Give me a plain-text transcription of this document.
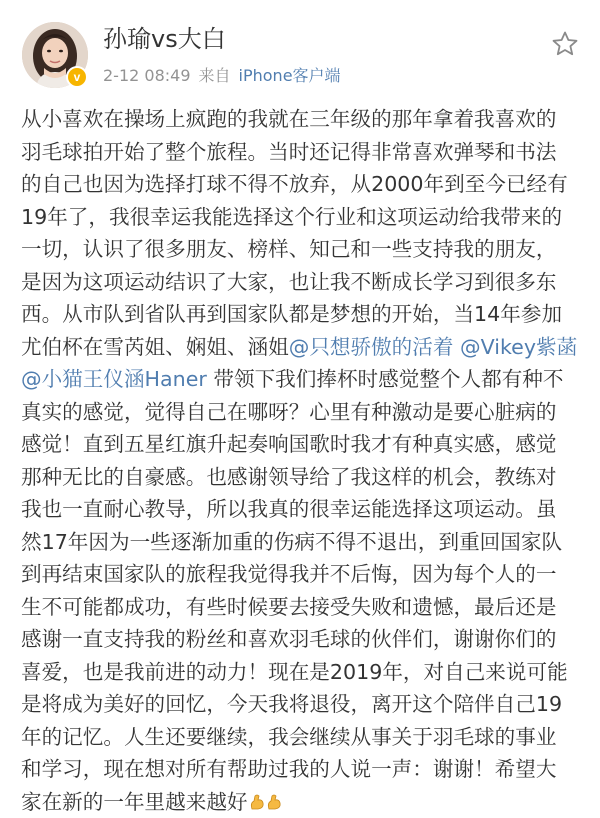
v
孙瑜vs大白
2-12 08:49 来自 iPhone客户端
从小喜欢在操场上疯跑的我就在三年级的那年拿着我喜欢的
羽毛球拍开始了整个旅程。当时还记得非常喜欢弹琴和书法
的自己也因为选择打球不得不放弃，从2000年到至今已经有
19年了，我很幸运我能选择这个行业和这项运动给我带来的
一切，认识了很多朋友、榜样、知己和一些支持我的朋友，
是因为这项运动结识了大家，也让我不断成长学习到很多东
西。从市队到省队再到国家队都是梦想的开始，当14年参加
尤伯杯在雪芮姐、娴姐、涵姐@只想骄傲的活着 @Vikey紫菡
@小猫王仪涵Haner 带领下我们捧杯时感觉整个人都有种不
真实的感觉，觉得自己在哪呀？心里有种激动是要心脏病的
感觉！直到五星红旗升起奏响国歌时我才有种真实感，感觉
那种无比的自豪感。也感谢领导给了我这样的机会，教练对
我也一直耐心教导，所以我真的很幸运能选择这项运动。虽
然17年因为一些逐渐加重的伤病不得不退出，到重回国家队
到再结束国家队的旅程我觉得我并不后悔，因为每个人的一
生不可能都成功，有些时候要去接受失败和遗憾，最后还是
感谢一直支持我的粉丝和喜欢羽毛球的伙伴们，谢谢你们的
喜爱，也是我前进的动力！现在是2019年，对自己来说可能
是将成为美好的回忆，今天我将退役，离开这个陪伴自己19
年的记忆。人生还要继续，我会继续从事关于羽毛球的事业
和学习，现在想对所有帮助过我的人说一声：谢谢！希望大
家在新的一年里越来越好
